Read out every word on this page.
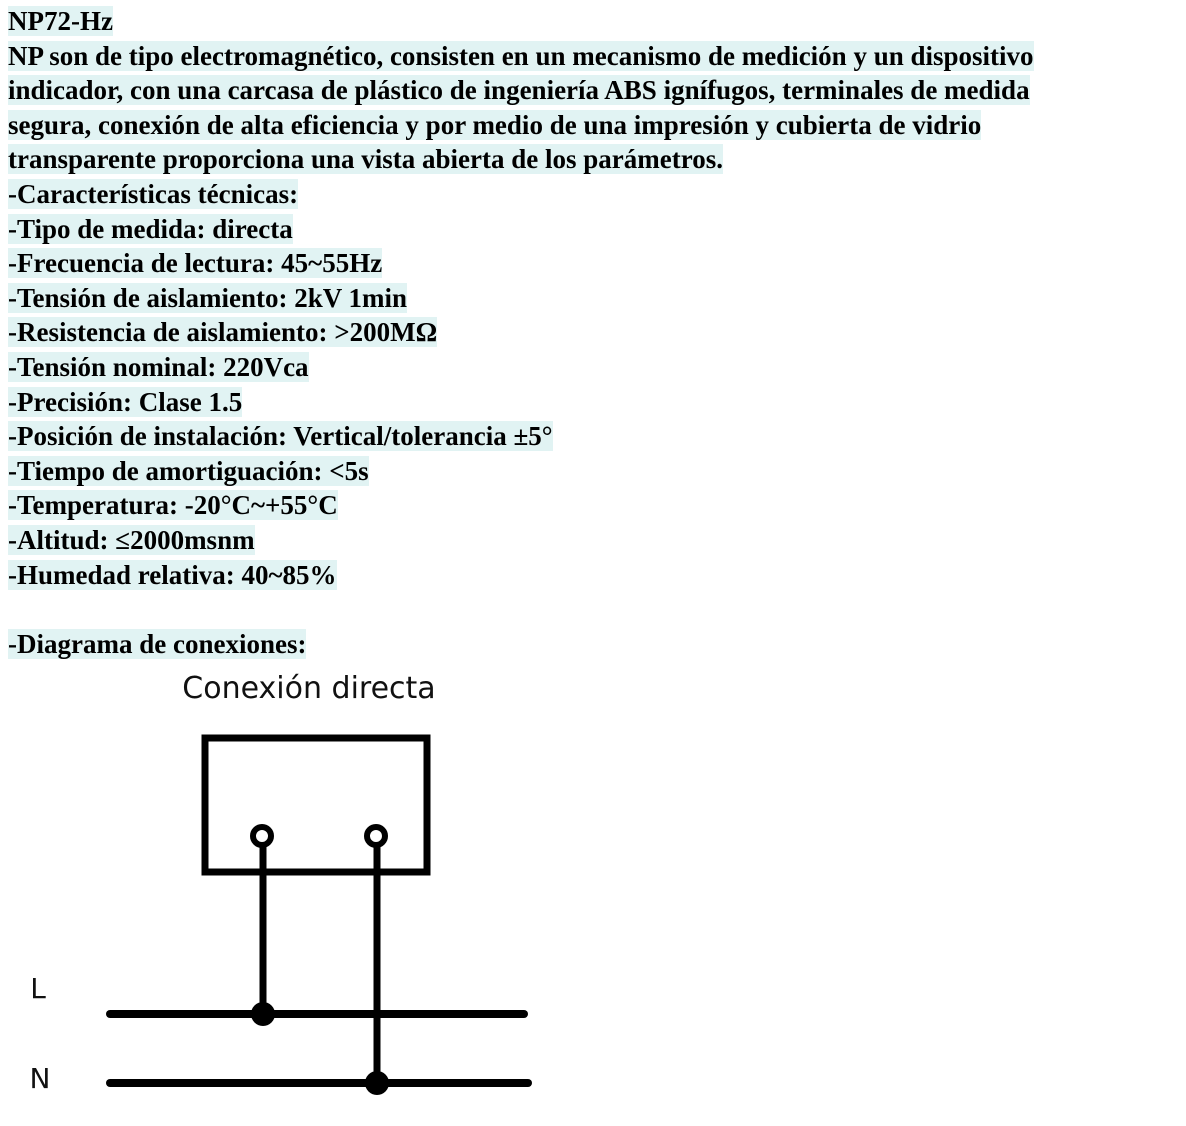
NP72-Hz
NP son de tipo electromagnético, consisten en un mecanismo de medición y un dispositivo
indicador, con una carcasa de plástico de ingeniería ABS ignífugos, terminales de medida
segura, conexión de alta eficiencia y por medio de una impresión y cubierta de vidrio
transparente proporciona una vista abierta de los parámetros.
-Características técnicas:
-Tipo de medida: directa
-Frecuencia de lectura: 45~55Hz
-Tensión de aislamiento: 2kV 1min
-Resistencia de aislamiento: >200MΩ
-Tensión nominal: 220Vca
-Precisión: Clase 1.5
-Posición de instalación: Vertical/tolerancia ±5°
-Tiempo de amortiguación: <5s
-Temperatura: -20°C~+55°C
-Altitud: ≤2000msnm
-Humedad relativa: 40~85%
-Diagrama de conexiones:
Conexión directa
L
N
